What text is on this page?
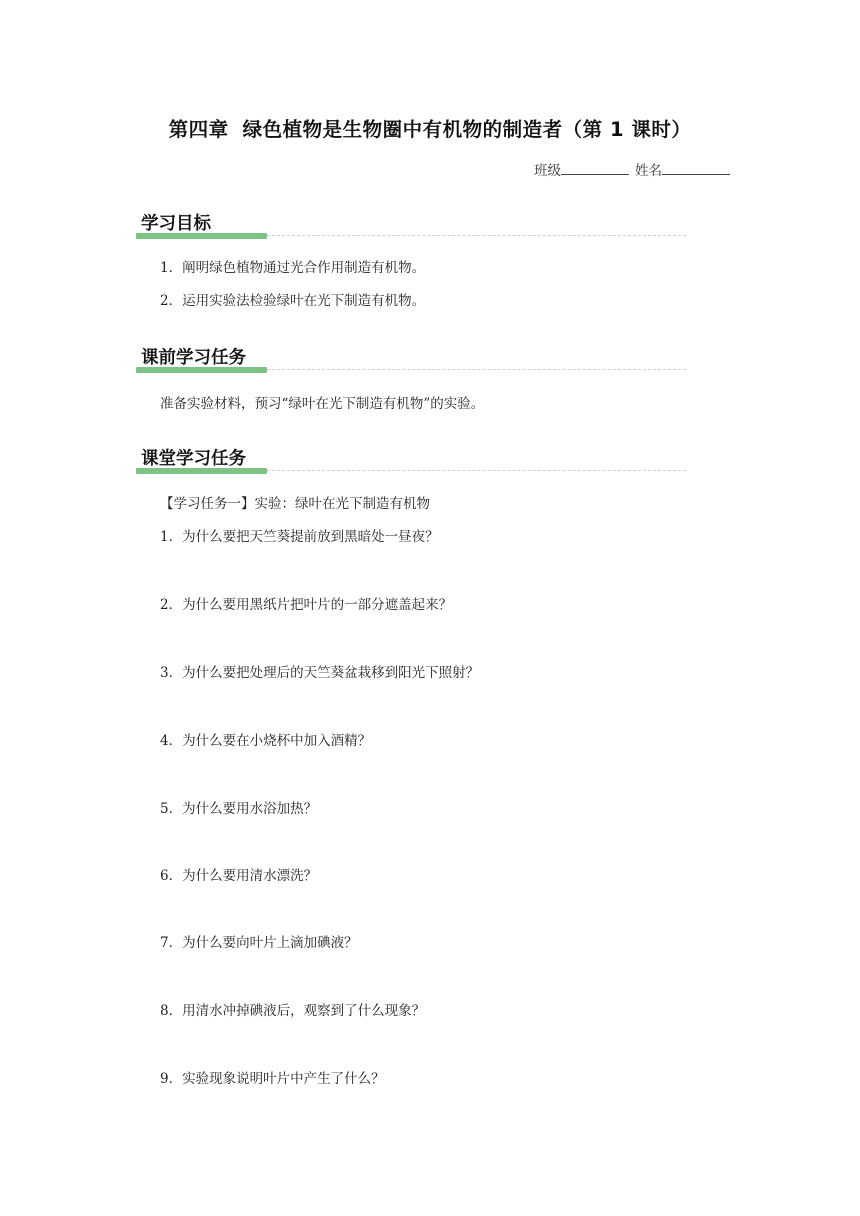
第四章 绿色植物是生物圈中有机物的制造者（第 1 课时）
班级	姓名
学习目标
1．阐明绿色植物通过光合作用制造有机物。
2．运用实验法检验绿叶在光下制造有机物。
课前学习任务
准备实验材料，预习“绿叶在光下制造有机物”的实验。
课堂学习任务
【学习任务一】实验：绿叶在光下制造有机物
1．为什么要把天竺葵提前放到黑暗处一昼夜？
2．为什么要用黑纸片把叶片的一部分遮盖起来？
3．为什么要把处理后的天竺葵盆栽移到阳光下照射？
4．为什么要在小烧杯中加入酒精？
5．为什么要用水浴加热？
6．为什么要用清水漂洗？
7．为什么要向叶片上滴加碘液？
8．用清水冲掉碘液后，观察到了什么现象？
9．实验现象说明叶片中产生了什么？
